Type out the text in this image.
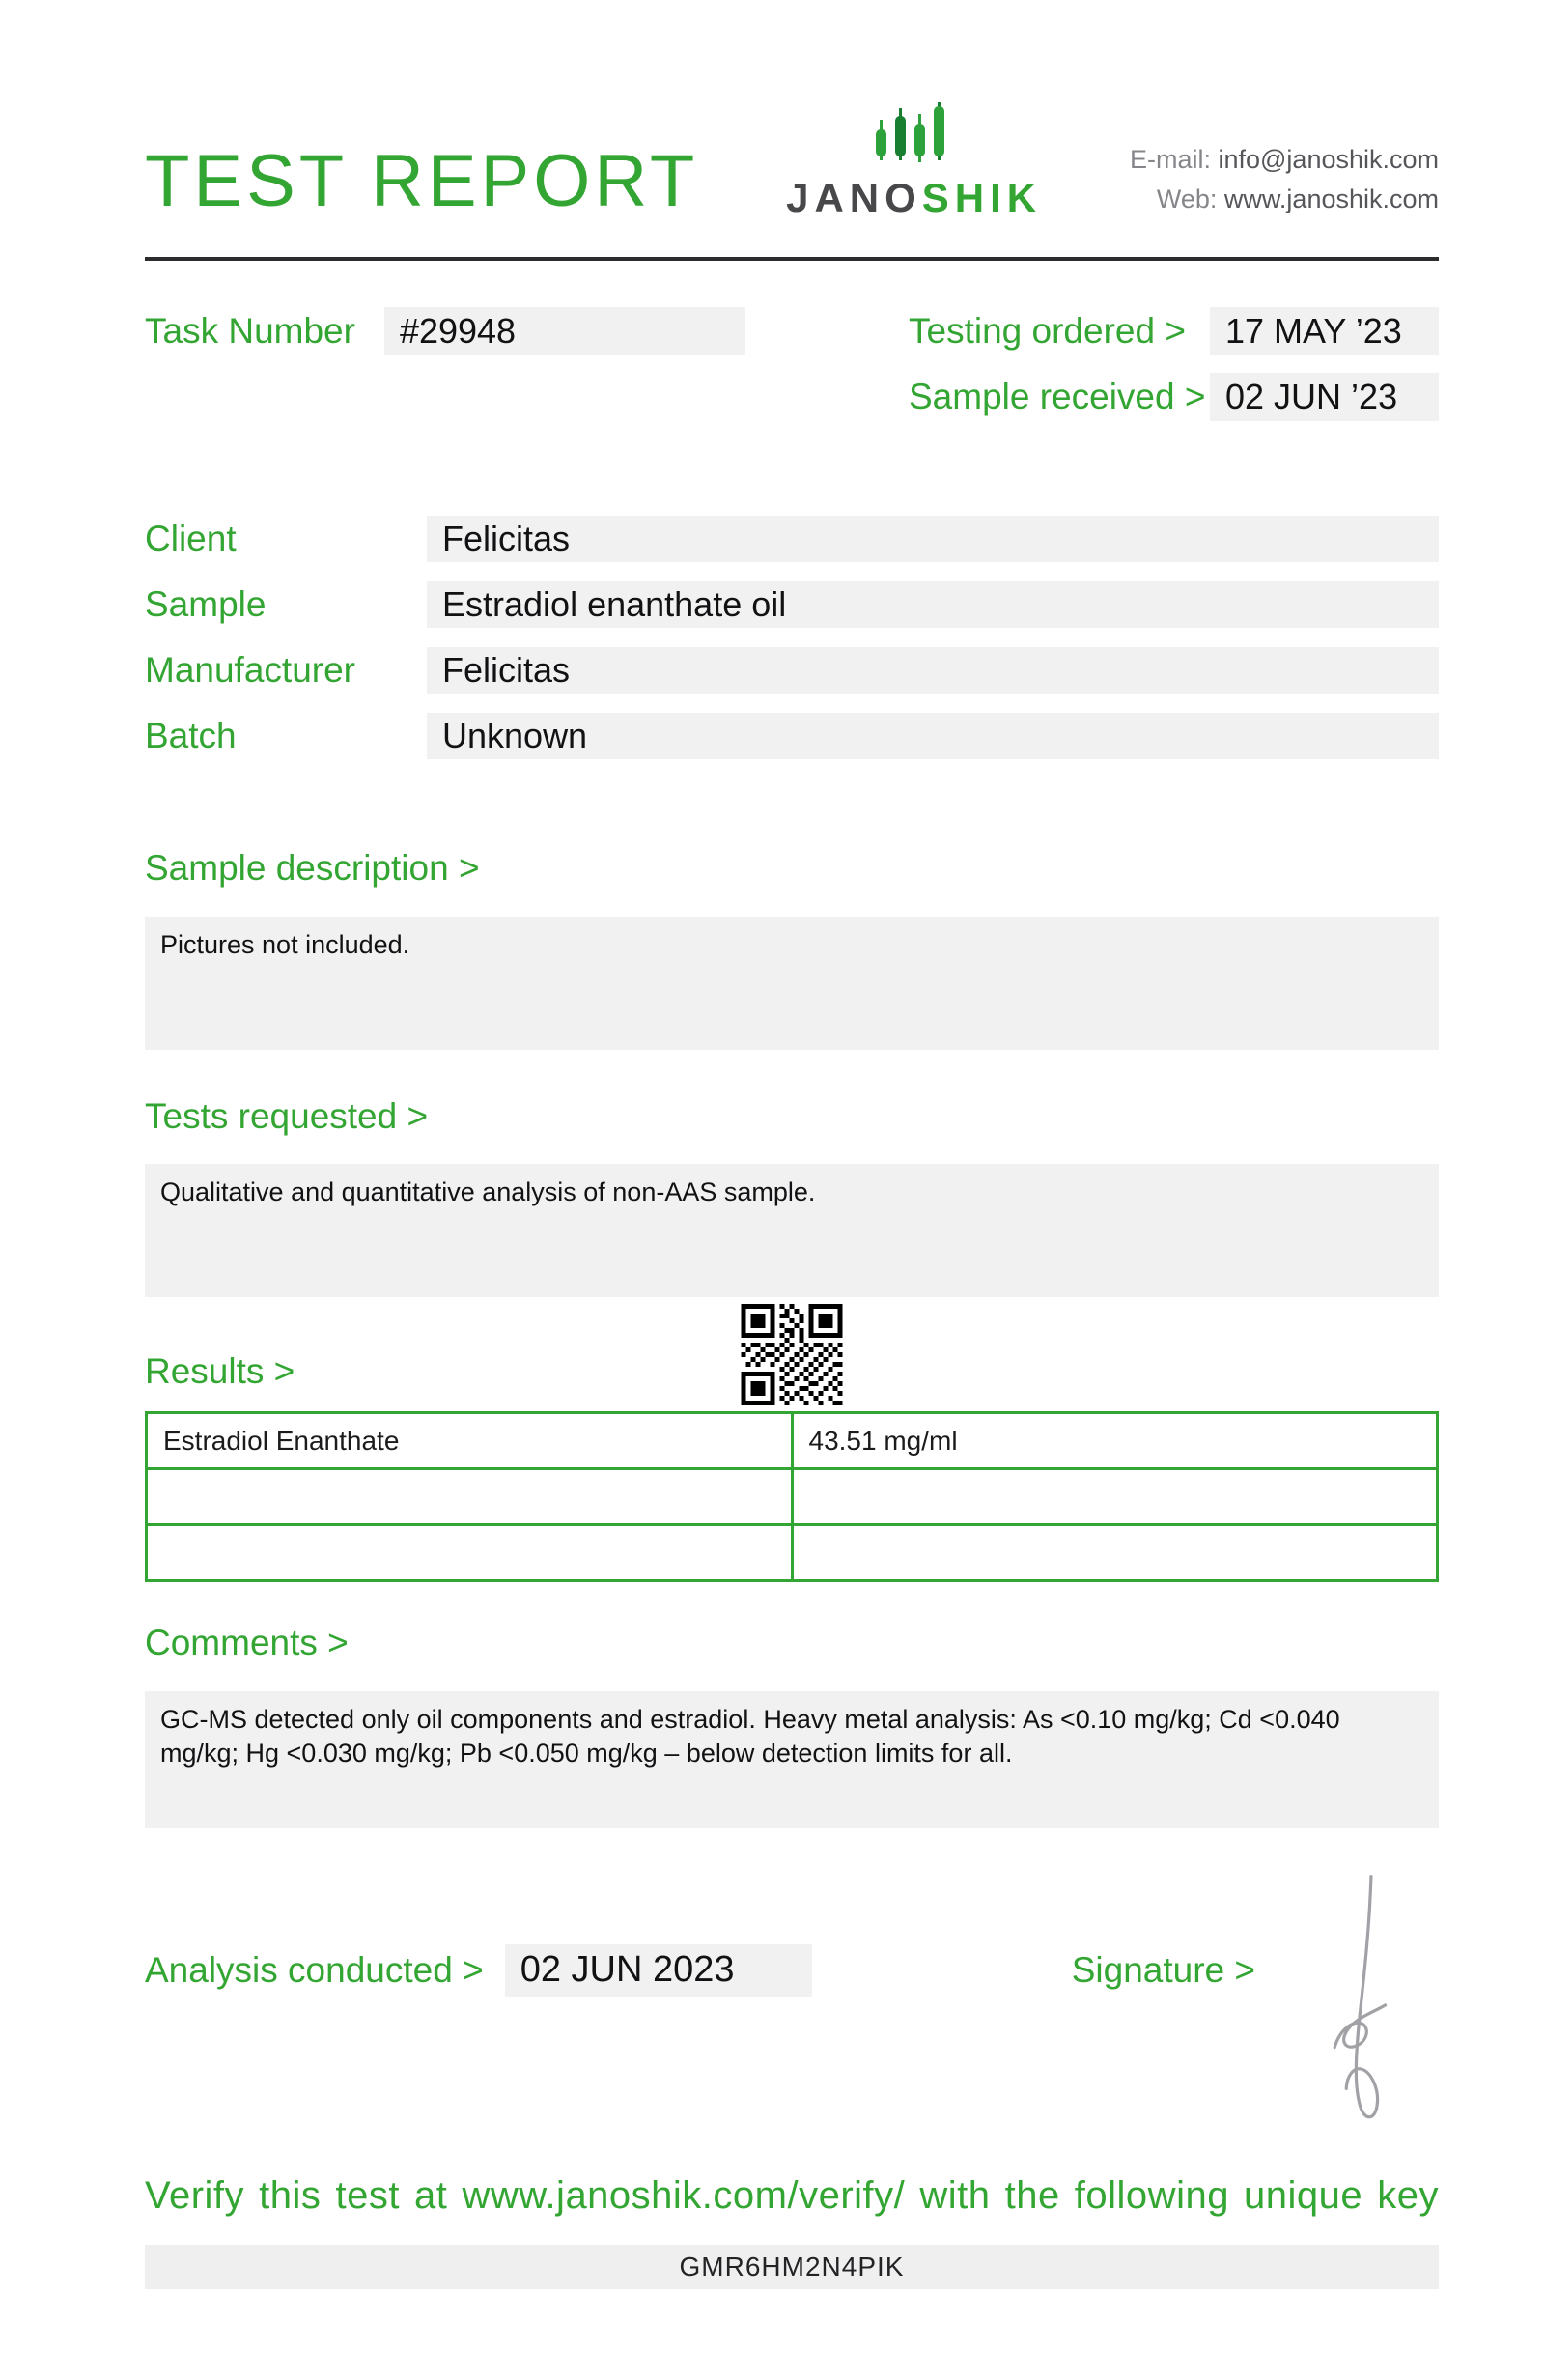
TEST REPORT JANOSHIK
E-mail: info@janoshik.com
Web: www.janoshik.com
Task Number	#29948	Testing ordered >	17 MAY ’23
Sample received > 02 JUN ’23
Client	Felicitas
Sample	Estradiol enanthate oil
Manufacturer	Felicitas
Batch	Unknown
Sample description >
Pictures not included.
Tests requested >
Qualitative and quantitative analysis of non-AAS sample.
Results >
Estradiol Enanthate	43.51 mg/ml

Comments >
GC-MS detected only oil components and estradiol. Heavy metal analysis: As <0.10 mg/kg; Cd <0.040 mg/kg; Hg <0.030 mg/kg; Pb <0.050 mg/kg – below detection limits for all.
Analysis conducted >	02 JUN 2023	Signature >
Verify this test at www.janoshik.com/verify/ with the following unique key
GMR6HM2N4PIK
